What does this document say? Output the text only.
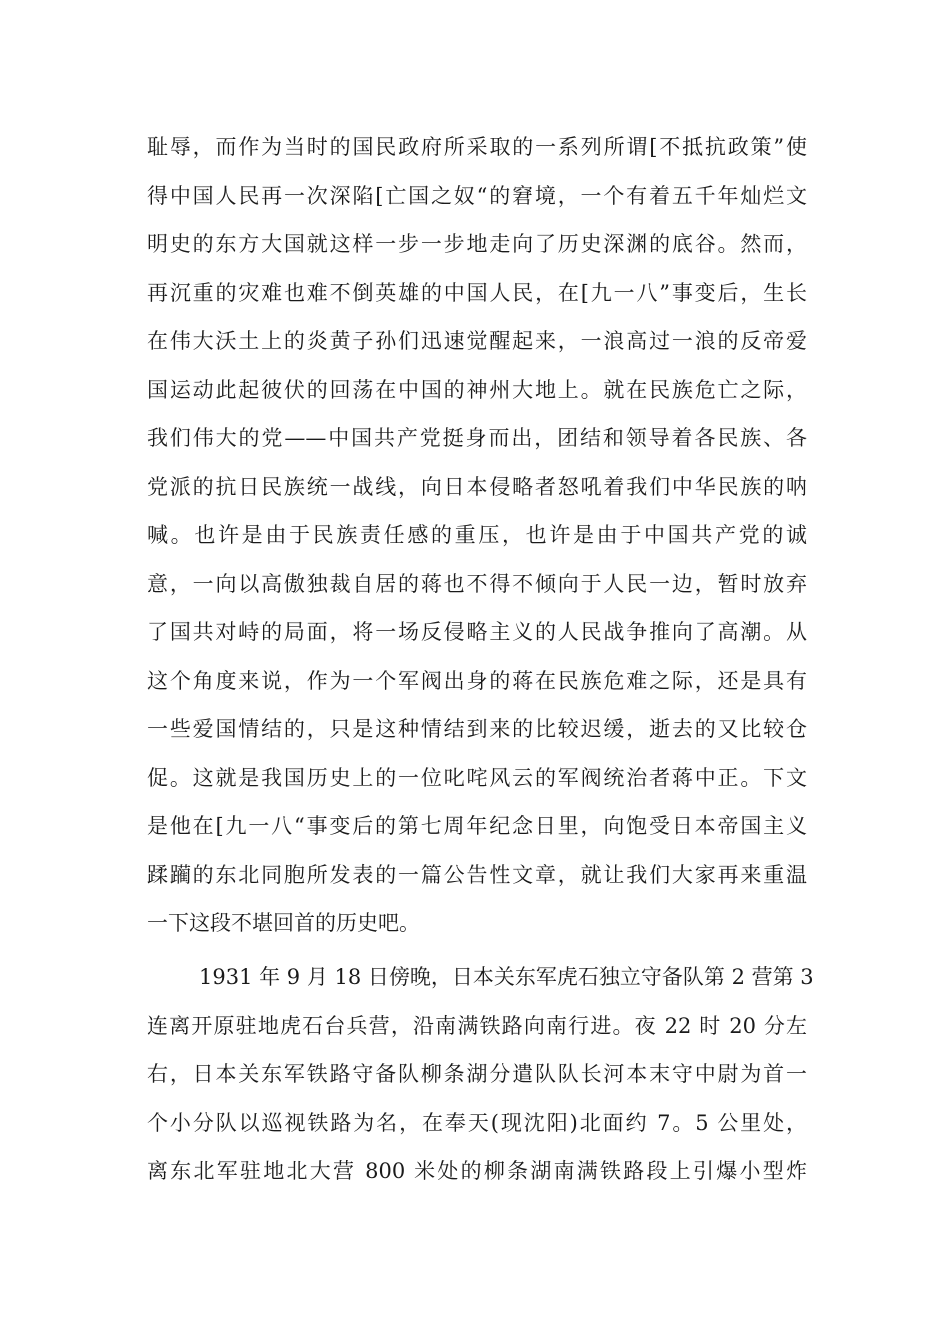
耻辱，而作为当时的国民政府所采取的一系列所谓[不抵抗政策”使
得中国人民再一次深陷[亡国之奴“的窘境，一个有着五千年灿烂文
明史的东方大国就这样一步一步地走向了历史深渊的底谷。然而，
再沉重的灾难也难不倒英雄的中国人民，在[九一八”事变后，生长
在伟大沃土上的炎黄子孙们迅速觉醒起来，一浪高过一浪的反帝爱
国运动此起彼伏的回荡在中国的神州大地上。就在民族危亡之际，
我们伟大的党——中国共产党挺身而出，团结和领导着各民族、各
党派的抗日民族统一战线，向日本侵略者怒吼着我们中华民族的呐
喊。也许是由于民族责任感的重压，也许是由于中国共产党的诚
意，一向以高傲独裁自居的蒋也不得不倾向于人民一边，暂时放弃
了国共对峙的局面，将一场反侵略主义的人民战争推向了高潮。从
这个角度来说，作为一个军阀出身的蒋在民族危难之际，还是具有
一些爱国情结的，只是这种情结到来的比较迟缓，逝去的又比较仓
促。这就是我国历史上的一位叱咤风云的军阀统治者蒋中正。下文
是他在[九一八“事变后的第七周年纪念日里，向饱受日本帝国主义
蹂躏的东北同胞所发表的一篇公告性文章，就让我们大家再来重温
一下这段不堪回首的历史吧。
1931 年 9 月 18 日傍晚，日本关东军虎石独立守备队第 2 营第 3
连离开原驻地虎石台兵营，沿南满铁路向南行进。夜 22 时 20 分左
右，日本关东军铁路守备队柳条湖分遣队队长河本末守中尉为首一
个小分队以巡视铁路为名，在奉天(现沈阳)北面约 7。5 公里处，
离东北军驻地北大营 800 米处的柳条湖南满铁路段上引爆小型炸
